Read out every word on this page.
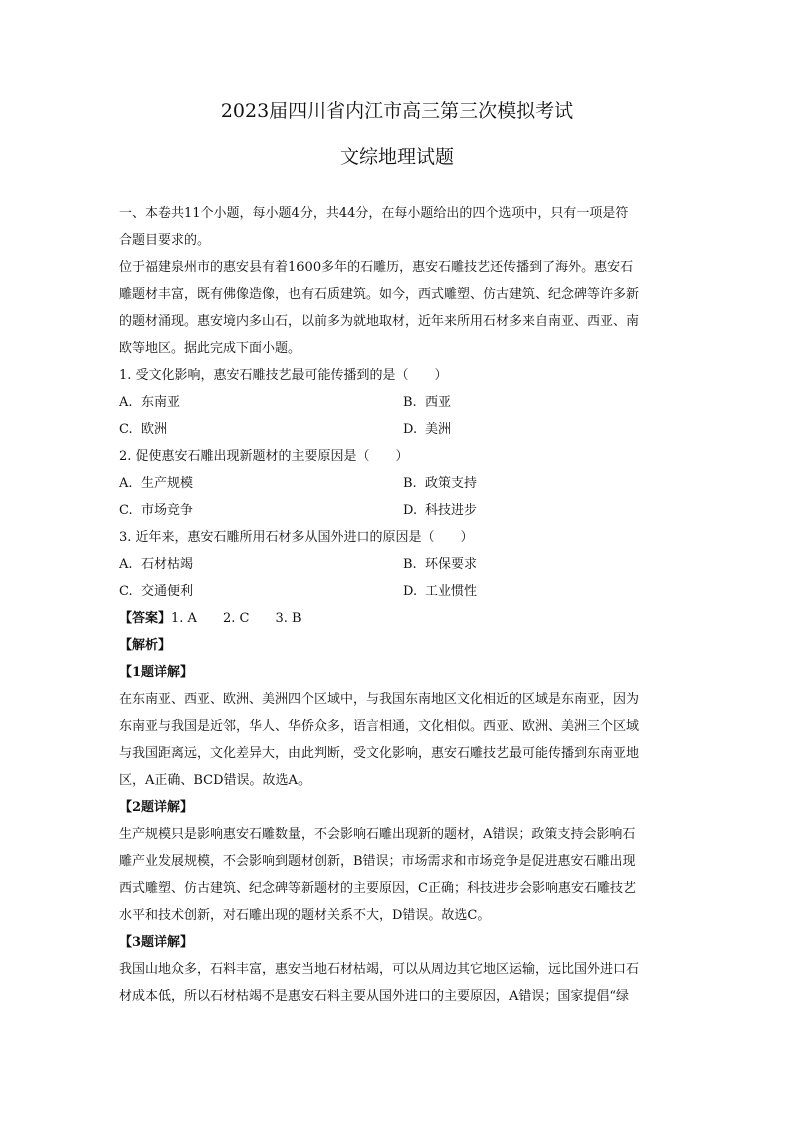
2023届四川省内江市高三第三次模拟考试
文综地理试题
一、本卷共11个小题，每小题4分，共44分，在每小题给出的四个选项中，只有一项是符
合题目要求的。
位于福建泉州市的惠安县有着1600多年的石雕历，惠安石雕技艺还传播到了海外。惠安石
雕题材丰富，既有佛像造像，也有石质建筑。如今，西式雕塑、仿古建筑、纪念碑等许多新
的题材涌现。惠安境内多山石，以前多为就地取材，近年来所用石材多来自南亚、西亚、南
欧等地区。据此完成下面小题。
1. 受文化影响，惠安石雕技艺最可能传播到的是（　　）
A. 东南亚	B. 西亚
C. 欧洲	D. 美洲
2. 促使惠安石雕出现新题材的主要原因是（　　）
A. 生产规模	B. 政策支持
C. 市场竞争	D. 科技进步
3. 近年来，惠安石雕所用石材多从国外进口的原因是（　　）
A. 石材枯竭	B. 环保要求
C. 交通便利	D. 工业惯性
【答案】1. A 2. C 3. B
【解析】
【1题详解】
在东南亚、西亚、欧洲、美洲四个区域中，与我国东南地区文化相近的区域是东南亚，因为
东南亚与我国是近邻，华人、华侨众多，语言相通，文化相似。西亚、欧洲、美洲三个区域
与我国距离远，文化差异大，由此判断，受文化影响，惠安石雕技艺最可能传播到东南亚地
区，A正确、BCD错误。故选A。
【2题详解】
生产规模只是影响惠安石雕数量，不会影响石雕出现新的题材，A错误；政策支持会影响石
雕产业发展规模，不会影响到题材创新，B错误；市场需求和市场竞争是促进惠安石雕出现
西式雕塑、仿古建筑、纪念碑等新题材的主要原因，C正确；科技进步会影响惠安石雕技艺
水平和技术创新，对石雕出现的题材关系不大，D错误。故选C。
【3题详解】
我国山地众多，石料丰富，惠安当地石材枯竭，可以从周边其它地区运输，远比国外进口石
材成本低，所以石材枯竭不是惠安石料主要从国外进口的主要原因，A错误；国家提倡“绿
